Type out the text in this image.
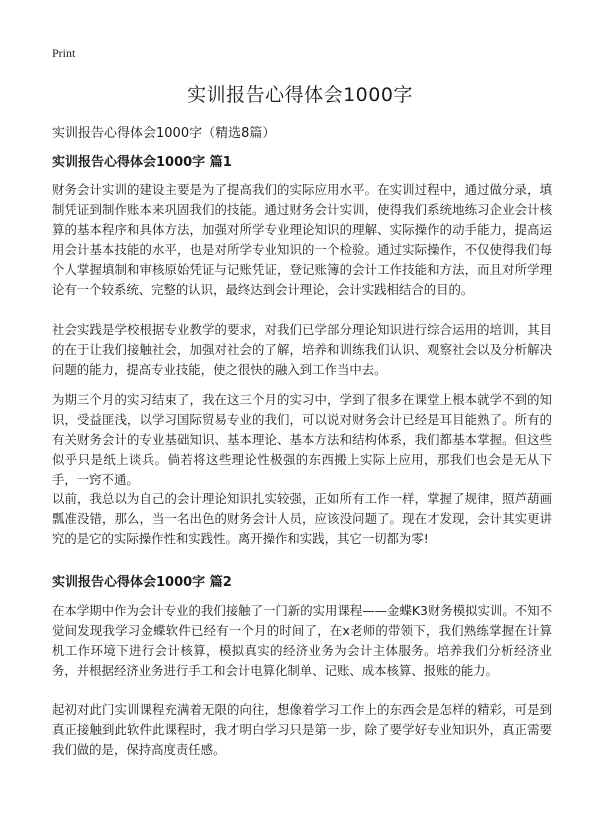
Print
实训报告心得体会1000字

实训报告心得体会1000字（精选8篇）

实训报告心得体会1000字 篇1

财务会计实训的建设主要是为了提高我们的实际应用水平。在实训过程中，通过做分录，填制凭证到制作账本来巩固我们的技能。通过财务会计实训，使得我们系统地练习企业会计核算的基本程序和具体方法，加强对所学专业理论知识的理解、实际操作的动手能力，提高运用会计基本技能的水平，也是对所学专业知识的一个检验。通过实际操作，不仅使得我们每个人掌握填制和审核原始凭证与记账凭证，登记账簿的会计工作技能和方法，而且对所学理论有一个较系统、完整的认识，最终达到会计理论，会计实践相结合的目的。

社会实践是学校根据专业教学的要求，对我们已学部分理论知识进行综合运用的培训，其目的在于让我们接触社会，加强对社会的了解，培养和训练我们认识、观察社会以及分析解决问题的能力，提高专业技能，使之很快的融入到工作当中去。

为期三个月的实习结束了，我在这三个月的实习中，学到了很多在课堂上根本就学不到的知识，受益匪浅，以学习国际贸易专业的我们，可以说对财务会计已经是耳目能熟了。所有的有关财务会计的专业基础知识、基本理论、基本方法和结构体系，我们都基本掌握。但这些似乎只是纸上谈兵。倘若将这些理论性极强的东西搬上实际上应用，那我们也会是无从下手，一窍不通。

以前，我总以为自己的会计理论知识扎实较强，正如所有工作一样，掌握了规律，照芦葫画瓢准没错，那么，当一名出色的财务会计人员，应该没问题了。现在才发现，会计其实更讲究的是它的实际操作性和实践性。离开操作和实践，其它一切都为零!

实训报告心得体会1000字 篇2

在本学期中作为会计专业的我们接触了一门新的实用课程——金蝶K3财务模拟实训。不知不觉间发现我学习金蝶软件已经有一个月的时间了，在x老师的带领下，我们熟练掌握在计算机工作环境下进行会计核算，模拟真实的经济业务为会计主体服务。培养我们分析经济业务，并根据经济业务进行手工和会计电算化制单、记账、成本核算、报账的能力。

起初对此门实训课程充满着无限的向往，想像着学习工作上的东西会是怎样的精彩，可是到真正接触到此软件此课程时，我才明白学习只是第一步，除了要学好专业知识外，真正需要我们做的是，保持高度责任感。
